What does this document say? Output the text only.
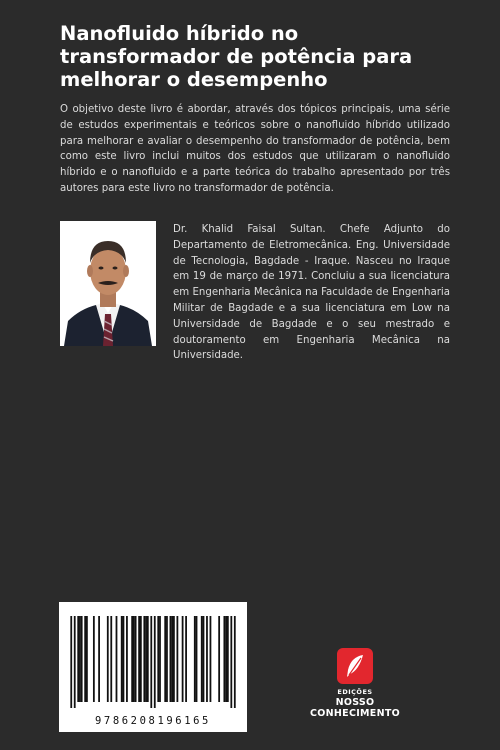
Nanofluido híbrido no transformador de potência para melhorar o desempenho

O objetivo deste livro é abordar, através dos tópicos principais, uma série de estudos experimentais e teóricos sobre o nanofluido híbrido utilizado para melhorar e avaliar o desempenho do transformador de potência, bem como este livro inclui muitos dos estudos que utilizaram o nanofluido híbrido e o nanofluido e a parte teórica do trabalho apresentado por três autores para este livro no transformador de potência.

Dr. Khalid Faisal Sultan. Chefe Adjunto do Departamento de Eletromecânica. Eng. Universidade de Tecnologia, Bagdade - Iraque. Nasceu no Iraque em 19 de março de 1971. Concluiu a sua licenciatura em Engenharia Mecânica na Faculdade de Engenharia Militar de Bagdade e a sua licenciatura em Low na Universidade de Bagdade e o seu mestrado e doutoramento em Engenharia Mecânica na Universidade.

9786208196165
EDIÇÕES
NOSSO CONHECIMENTO
